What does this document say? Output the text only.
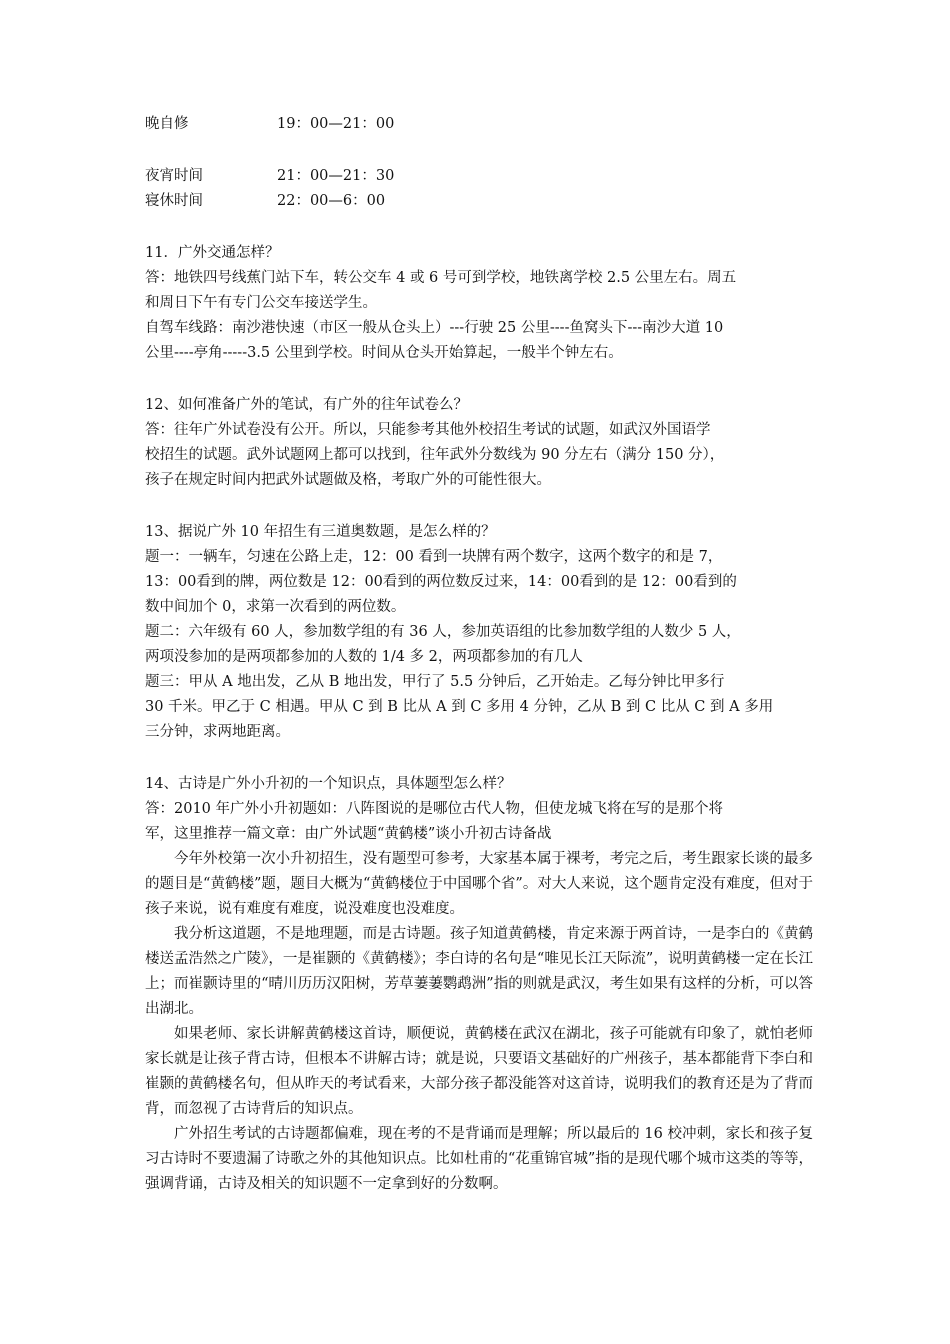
晚自修	19：00—21：00
夜宵时间	21：00—21：30
寝休时间	22：00—6：00
11．广外交通怎样？
答：地铁四号线蕉门站下车，转公交车 4 或 6 号可到学校，地铁离学校 2.5 公里左右。周五
和周日下午有专门公交车接送学生。
自驾车线路：南沙港快速（市区一般从仓头上）---行驶 25 公里----鱼窝头下---南沙大道 10
公里----亭角-----3.5 公里到学校。时间从仓头开始算起，一般半个钟左右。
12、如何准备广外的笔试，有广外的往年试卷么？
答：往年广外试卷没有公开。所以，只能参考其他外校招生考试的试题，如武汉外国语学
校招生的试题。武外试题网上都可以找到，往年武外分数线为 90 分左右（满分 150 分），
孩子在规定时间内把武外试题做及格，考取广外的可能性很大。
13、据说广外 10 年招生有三道奥数题，是怎么样的？
题一：一辆车，匀速在公路上走，12：00 看到一块牌有两个数字，这两个数字的和是 7，
13：00看到的牌，两位数是 12：00看到的两位数反过来，14：00看到的是 12：00看到的
数中间加个 0，求第一次看到的两位数。
题二：六年级有 60 人，参加数学组的有 36 人，参加英语组的比参加数学组的人数少 5 人，
两项没参加的是两项都参加的人数的 1/4 多 2，两项都参加的有几人
题三：甲从 A 地出发，乙从 B 地出发，甲行了 5.5 分钟后，乙开始走。乙每分钟比甲多行
30 千米。甲乙于 C 相遇。甲从 C 到 B 比从 A 到 C 多用 4 分钟，乙从 B 到 C 比从 C 到 A 多用
三分钟，求两地距离。
14、古诗是广外小升初的一个知识点，具体题型怎么样？
答：2010 年广外小升初题如：八阵图说的是哪位古代人物，但使龙城飞将在写的是那个将
军，这里推荐一篇文章：由广外试题“黄鹤楼”谈小升初古诗备战
今年外校第一次小升初招生，没有题型可参考，大家基本属于裸考，考完之后，考生跟家长谈的最多的题目是“黄鹤楼”题，题目大概为“黄鹤楼位于中国哪个省”。对大人来说，这个题肯定没有难度，但对于孩子来说，说有难度有难度，说没难度也没难度。
我分析这道题，不是地理题，而是古诗题。孩子知道黄鹤楼，肯定来源于两首诗，一是李白的《黄鹤楼送孟浩然之广陵》，一是崔颢的《黄鹤楼》；李白诗的名句是“唯见长江天际流”，说明黄鹤楼一定在长江上；而崔颢诗里的“晴川历历汉阳树，芳草萋萋鹦鹉洲”指的则就是武汉，考生如果有这样的分析，可以答出湖北。
如果老师、家长讲解黄鹤楼这首诗，顺便说，黄鹤楼在武汉在湖北，孩子可能就有印象了，就怕老师家长就是让孩子背古诗，但根本不讲解古诗；就是说，只要语文基础好的广州孩子，基本都能背下李白和崔颢的黄鹤楼名句，但从昨天的考试看来，大部分孩子都没能答对这首诗，说明我们的教育还是为了背而背，而忽视了古诗背后的知识点。
广外招生考试的古诗题都偏难，现在考的不是背诵而是理解；所以最后的 16 校冲刺，家长和孩子复习古诗时不要遗漏了诗歌之外的其他知识点。比如杜甫的“花重锦官城”指的是现代哪个城市这类的等等，强调背诵，古诗及相关的知识题不一定拿到好的分数啊。
